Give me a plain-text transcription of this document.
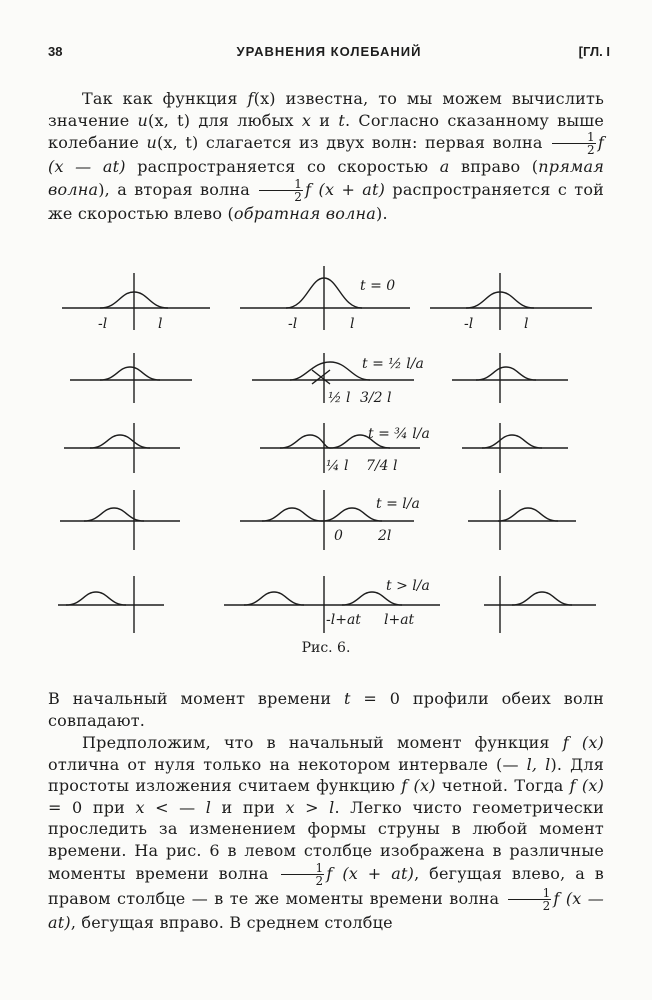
38	УРАВНЕНИЯ КОЛЕБАНИЙ	[ГЛ. I
Так как функция f(x) известна, то мы можем вычислить значение u(x, t) для любых x и t. Согласно сказанному выше колебание u(x, t) слагается из двух волн: первая волна $\frac{1}{2}$ f (x — at) распространяется со скоростью a вправо (прямая волна), а вторая волна $\frac{1}{2}$ f (x + at) распространяется с той же скоростью влево (обратная волна).
-l	l	-l	l	-l	l
t = 0
t = ½ l/a
½ l 3/2 l
t = ¾ l/a
¼ l 7/4 l
t = l/a
0	2l
t > l/a
-l+at l+at
Рис. 6.
В начальный момент времени t = 0 профили обеих волн совпадают.
Предположим, что в начальный момент функция f (x) отлична от нуля только на некотором интервале (— l, l). Для простоты изложения считаем функцию f (x) четной. Тогда f (x) = 0 при x < — l и при x > l. Легко чисто геометрически проследить за изменением формы струны в любой момент времени. На рис. 6 в левом столбце изображена в различные моменты времени волна $\frac{1}{2}$ f (x + at), бегущая влево, а в правом столбце — в те же моменты времени волна $\frac{1}{2}$ f (x — at), бегущая вправо. В среднем столбце
